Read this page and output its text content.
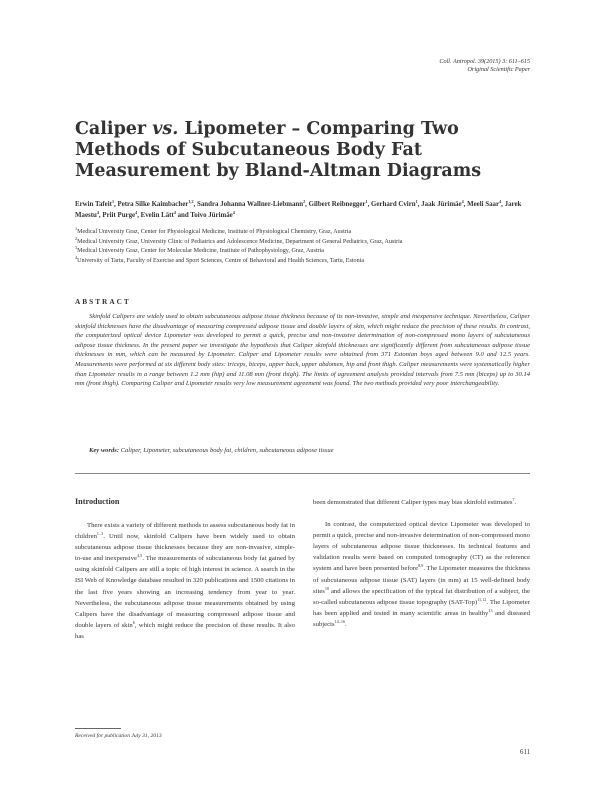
Coll. Antropol. 39(2015) 3: 611–615
Original Scientific Paper
Caliper vs. Lipometer – Comparing Two Methods of Subcutaneous Body Fat Measurement by Bland-Altman Diagrams
Erwin Tafeit$^1$, Petra Silke Kaimbacher$^{1,2}$, Sandra Johanna Wallner-Liebmann$^2$, Gilbert Reibnegger$^1$, Gerhard Cvirn$^1$, Jaak Jürimäe$^4$, Meeli Saar$^4$, Jarek Maestu$^4$, Priit Purge$^4$, Evelin Lätt$^4$ and Toivo Jürimäe$^4$
$^1$Medical University Graz, Center for Physiological Medicine, Institute of Physiological Chemistry, Graz, Austria
$^2$Medical University Graz, University Clinic of Pediatrics and Adolescence Medicine, Department of General Pediatrics, Graz, Austria
$^3$Medical University Graz, Center for Molecular Medicine, Institute of Pathophysiology, Graz, Austria
$^4$University of Tartu, Faculty of Exercise and Sport Sciences, Centre of Behavioral and Health Sciences, Tartu, Estonia
ABSTRACT
Skinfold Calipers are widely used to obtain subcutaneous adipose tissue thickness because of its non-invasive, simple and inexpensive technique. Nevertheless, Caliper skinfold thicknesses have the disadvantage of measuring compressed adipose tissue and double layers of skin, which might reduce the precision of these results. In contrast, the computerized optical device Lipometer was developed to permit a quick, precise and non-invasive determination of non-compressed mono layers of subcutaneous adipose tissue thickness. In the present paper we investigate the hypothesis that Caliper skinfold thicknesses are significantly different from subcutaneous adipose tissue thicknesses in mm, which can be measured by Lipometer. Caliper and Lipometer results were obtained from 371 Estonian boys aged between 9.0 and 12.5 years. Measurements were performed at six different body sites: triceps, biceps, upper back, upper abdomen, hip and front thigh. Caliper measurements were systematically higher than Lipometer results in a range between 1.2 mm (hip) and 11.08 mm (front thigh). The limits of agreement analysis provided intervals from 7.5 mm (biceps) up to 30.14 mm (front thigh). Comparing Caliper and Lipometer results very low measurement agreement was found. The two methods provided very poor interchangeability.
Key words: Caliper, Lipometer, subcutaneous body fat, children, subcutaneous adipose tissue
Introduction

There exists a variety of different methods to assess subcutaneous body fat in children$^{1-3}$. Until now, skinfold Calipers have been widely used to obtain subcutaneous adipose tissue thicknesses because they are non-invasive, simple-to-use and inexpensive$^{4,5}$. The measurements of subcutaneous body fat gained by using skinfold Calipers are still a topic of high interest in science. A search in the ISI Web of Knowledge database resulted in 320 publications and 1500 citations in the last five years showing an increasing tendency from year to year. Nevertheless, the subcutaneous adipose tissue measurements obtained by using Calipers have the disadvantage of measuring compressed adipose tissue and double layers of skin$^6$, which might reduce the precision of these results. It also has

been demonstrated that different Caliper types may bias skinfold estimates$^7$.

In contrast, the computerized optical device Lipometer was developed to permit a quick, precise and non-invasive determination of non-compressed mono layers of subcutaneous adipose tissue thicknesses. Its technical features and validation results were based on computed tomography (CT) as the reference system and have been presented before$^{8,9}$. The Lipometer measures the thickness of subcutaneous adipose tissue (SAT) layers (in mm) at 15 well-defined body sites$^{10}$ and allows the specification of the typical fat distribution of a subject, the so-called subcutaneous adipose tissue topography $(SAT-Top)^{11,12}$. The Lipometer has been applied and tested in many scientific areas in healthy$^{13}$ and diseased subjects$^{14-16}$.

Received for publication July 31, 2013
611
